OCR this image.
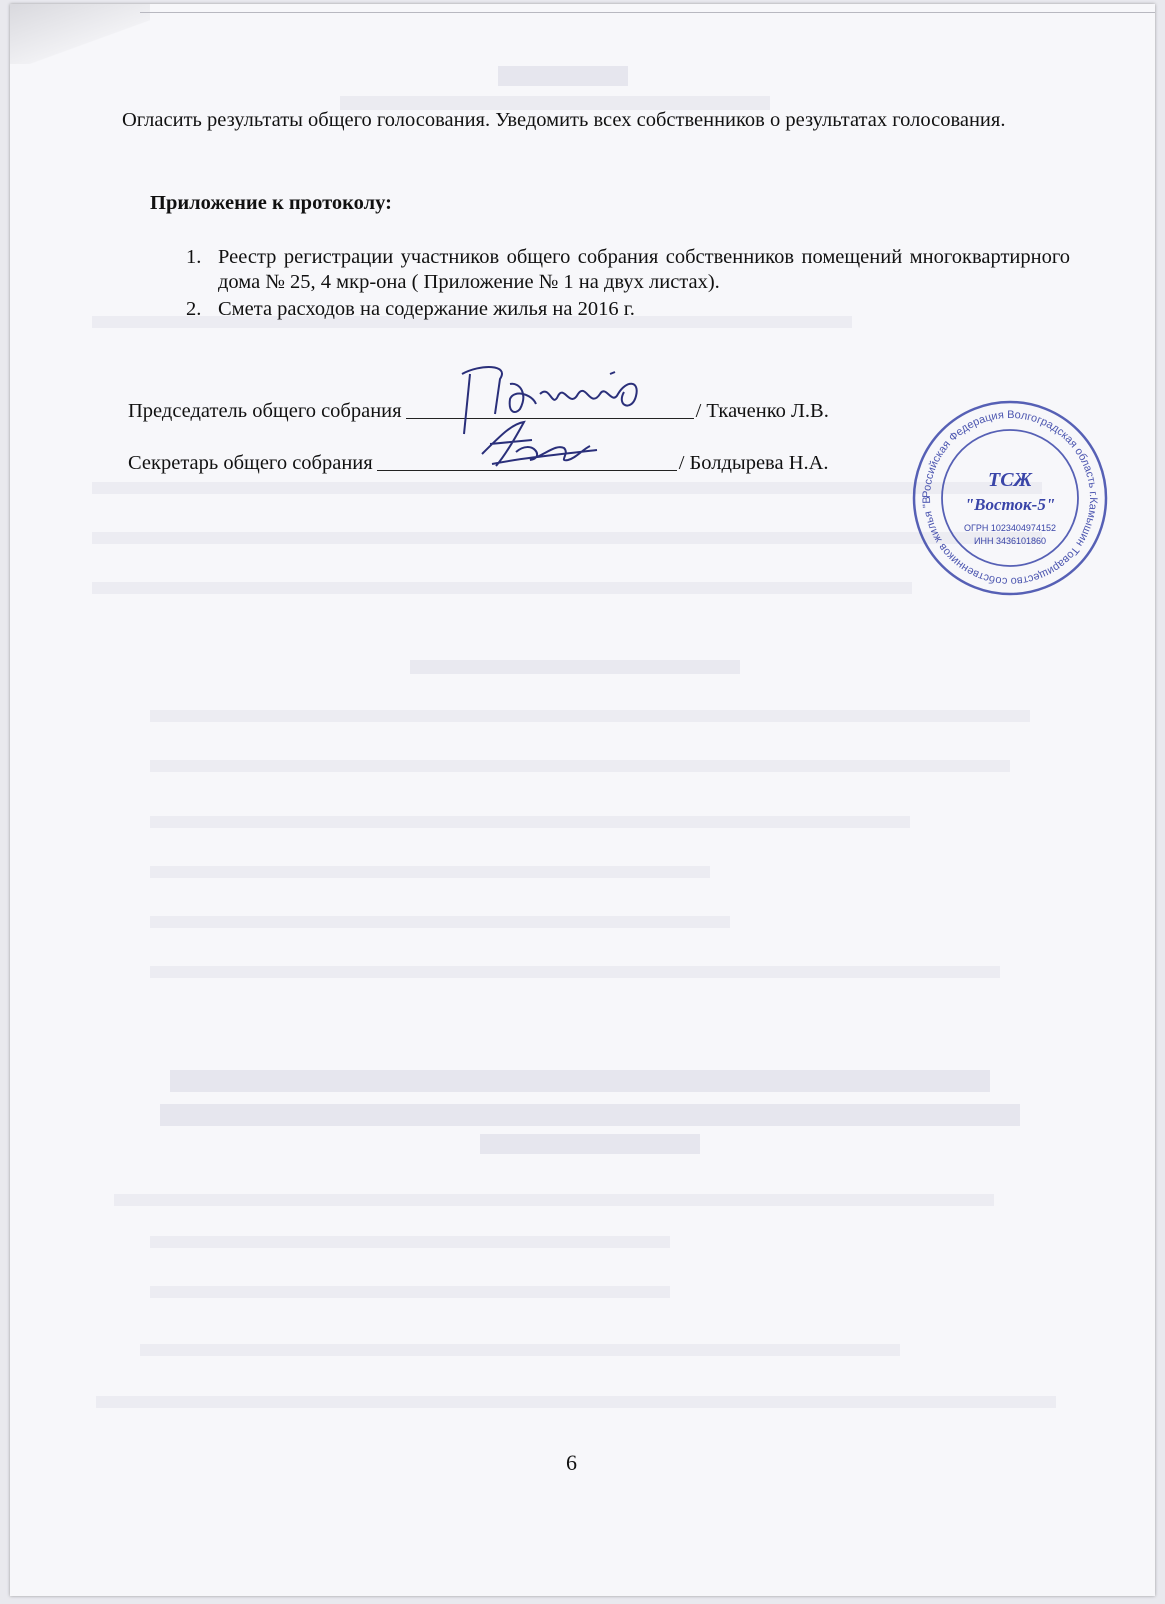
Огласить результаты общего голосования. Уведомить всех собственников о результатах голосования.

Приложение к протоколу:
1. Реестр регистрации участников общего собрания собственников помещений многоквартирного дома № 25, 4 мкр-она ( Приложение № 1 на двух листах).
2. Смета расходов на содержание жилья на 2016 г.
Председатель общего собрания	/ Ткаченко Л.В.
Секретарь общего собрания	/ Болдырева Н.А.
Российская Федерация Волгоградская область г.Камышин Товарищество собственников жилья "В
ТСЖ
"Восток-5"
ОГРН 1023404974152
ИНН 3436101860
6
